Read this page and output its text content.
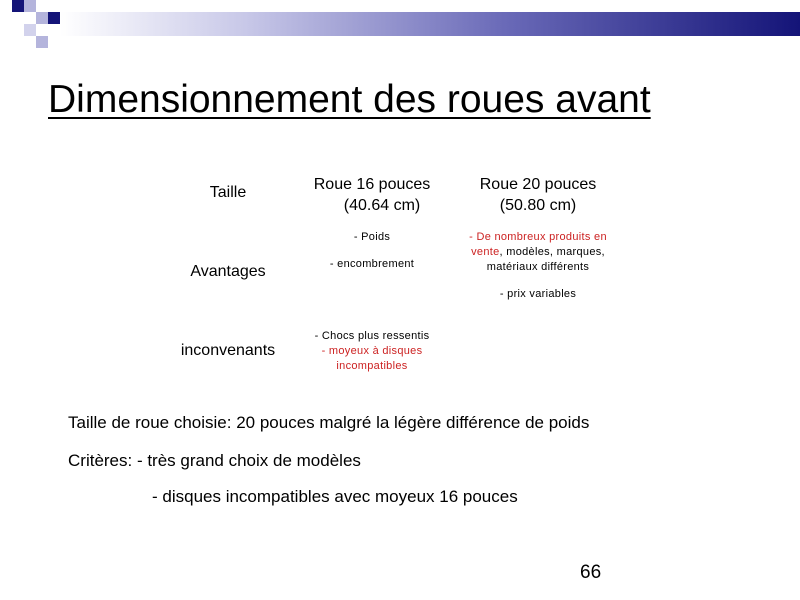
Dimensionnement des roues avant
Taille
Avantages
inconvenants
Roue 16 pouces
(40.64 cm)
Roue 20 pouces
(50.80 cm)
- Poids
- encombrement
- De nombreux produits en
vente, modèles, marques,
matériaux différents
- prix variables
- Chocs plus ressentis
- moyeux à disques
incompatibles
Taille de roue choisie: 20 pouces malgré la légère différence de poids
Critères: - très grand choix de modèles
- disques incompatibles avec moyeux 16 pouces
66
